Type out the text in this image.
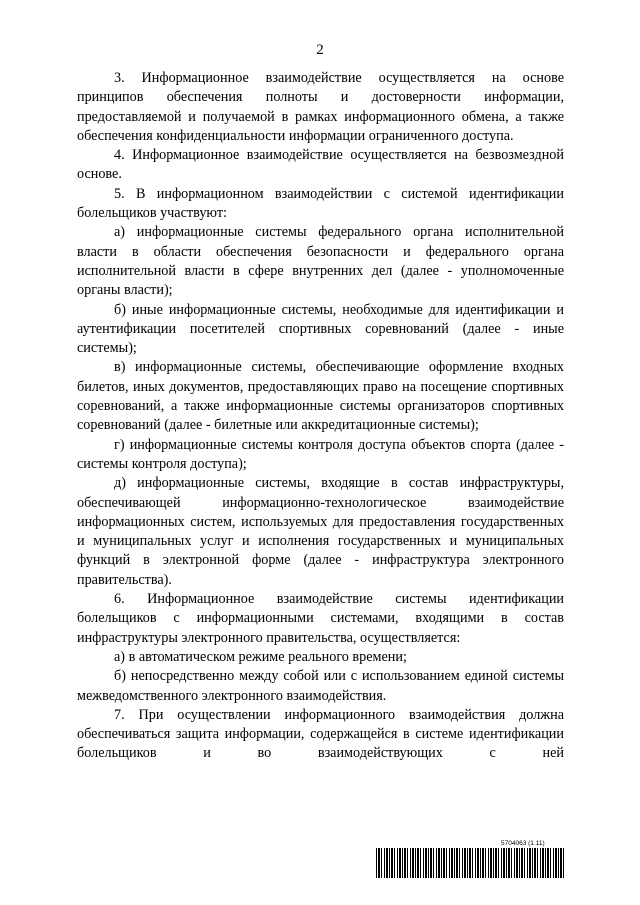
2

3. Информационное взаимодействие осуществляется на основе принципов обеспечения полноты и достоверности информации, предоставляемой и получаемой в рамках информационного обмена, а также обеспечения конфиденциальности информации ограниченного доступа.

4. Информационное взаимодействие осуществляется на безвозмездной основе.

5. В информационном взаимодействии с системой идентификации болельщиков участвуют:

а) информационные системы федерального органа исполнительной власти в области обеспечения безопасности и федерального органа исполнительной власти в сфере внутренних дел (далее - уполномоченные органы власти);

б) иные информационные системы, необходимые для идентификации и аутентификации посетителей спортивных соревнований (далее - иные системы);

в) информационные системы, обеспечивающие оформление входных билетов, иных документов, предоставляющих право на посещение спортивных соревнований, а также информационные системы организаторов спортивных соревнований (далее - билетные или аккредитационные системы);

г) информационные системы контроля доступа объектов спорта (далее - системы контроля доступа);

д) информационные системы, входящие в состав инфраструктуры, обеспечивающей информационно-технологическое взаимодействие информационных систем, используемых для предоставления государственных и муниципальных услуг и исполнения государственных и муниципальных функций в электронной форме (далее - инфраструктура электронного правительства).

6. Информационное взаимодействие системы идентификации болельщиков с информационными системами, входящими в состав инфраструктуры электронного правительства, осуществляется:

а) в автоматическом режиме реального времени;

б) непосредственно между собой или с использованием единой системы межведомственного электронного взаимодействия.

7. При осуществлении информационного взаимодействия должна обеспечиваться защита информации, содержащейся в системе идентификации болельщиков и во взаимодействующих с ней

5704063 (1.11)
